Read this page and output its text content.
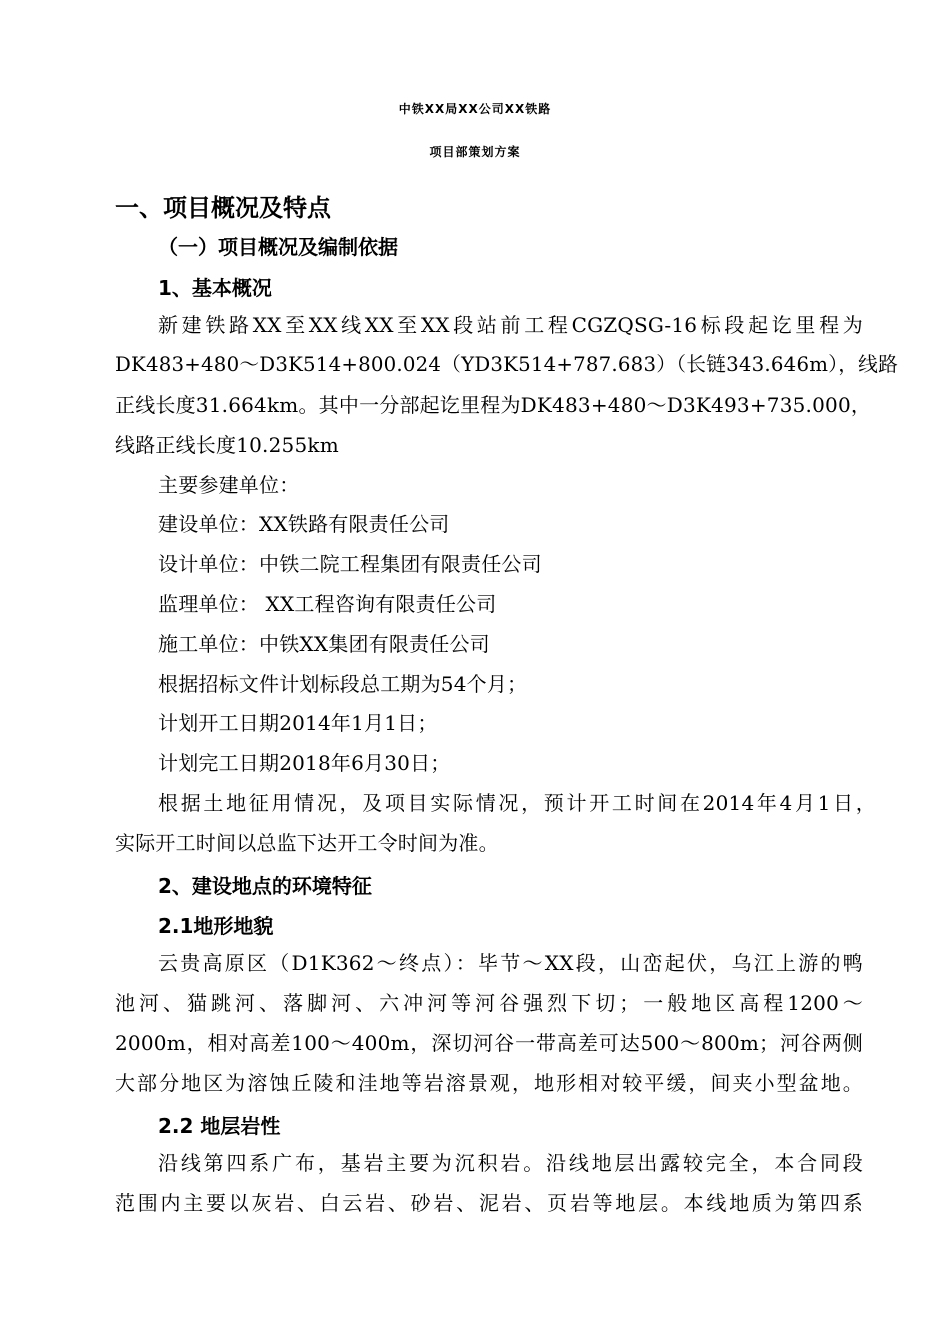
中铁XX局XX公司XX铁路
项目部策划方案
一、项目概况及特点
（一）项目概况及编制依据
1、基本概况
新建铁路XX至XX线XX至XX段站前工程CGZQSG-16标段起讫里程为
DK483+480～D3K514+800.024（YD3K514+787.683）（长链343.646m），线路
正线长度31.664km。其中一分部起讫里程为DK483+480～D3K493+735.000，
线路正线长度10.255km
主要参建单位：
建设单位：XX铁路有限责任公司
设计单位：中铁二院工程集团有限责任公司
监理单位： XX工程咨询有限责任公司
施工单位：中铁XX集团有限责任公司
根据招标文件计划标段总工期为54个月；
计划开工日期2014年1月1日；
计划完工日期2018年6月30日；
根据土地征用情况，及项目实际情况，预计开工时间在2014年4月1日，
实际开工时间以总监下达开工令时间为准。
2、建设地点的环境特征
2.1地形地貌
云贵高原区（D1K362～终点）：毕节～XX段，山峦起伏，乌江上游的鸭
池河、猫跳河、落脚河、六冲河等河谷强烈下切；一般地区高程1200～
2000m，相对高差100～400m，深切河谷一带高差可达500～800m；河谷两侧
大部分地区为溶蚀丘陵和洼地等岩溶景观，地形相对较平缓，间夹小型盆地。
2.2 地层岩性
沿线第四系广布，基岩主要为沉积岩。沿线地层出露较完全，本合同段
范围内主要以灰岩、白云岩、砂岩、泥岩、页岩等地层。本线地质为第四系
